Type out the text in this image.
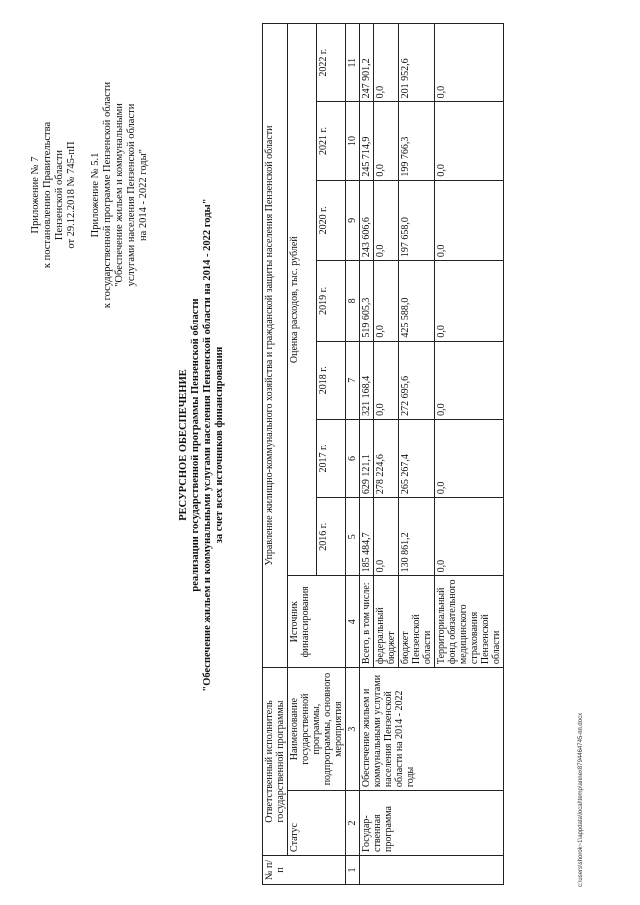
Приложение № 7 к постановлению Правительства Пензенской области от 29.12.2018 № 745-пП Приложение № 5.1 к государственной программе Пензенской области "Обеспечение жильем и коммунальными услугами населения Пензенской области на 2014 - 2022 годы"
РЕСУРСНОЕ ОБЕСПЕЧЕНИЕ реализации государственной программы Пензенской области "Обеспечение жильем и коммунальными услугами населения Пензенской области на 2014 - 2022 годы" за счет всех источников финансирования
№ п/п	Ответственный исполнитель государственной программы		Управление жилищно-коммунального хозяйства и гражданской защиты населения Пензенской области							
	Статус	Наименование государственной программы, подпрограммы, основного мероприятия	Источник финансирования	Оценка расходов, тыс. рублей						
				2016 г.	2017 г.	2018 г.	2019 г.	2020 г.	2021 г.	2022 г.
1	2	3	4	5	6	7	8	9	10	11
	Государ-ственная программа	Обеспечение жильем и коммунальными услугами населения Пензенской области на 2014 - 2022 годы	Всего, в том числе:	185 484,7	629 121,1	321 168,4	519 605,3	243 606,6	245 714,9	247 901,2
			федеральный бюджет	0,0	278 224,6	0,0	0,0	0,0	0,0	0,0
			бюджет Пензенской области	130 861,2	265 267,4	272 695,6	425 588,0	197 658,0	199 766,3	201 952,6
			Территориальный фонд обязательного медицинского страхования Пензенской области	0,0	0,0	0,0	0,0	0,0	0,0	0,0
c:\users\shorok~1\appdata\local\temp\annex8794464745-пп.docx
